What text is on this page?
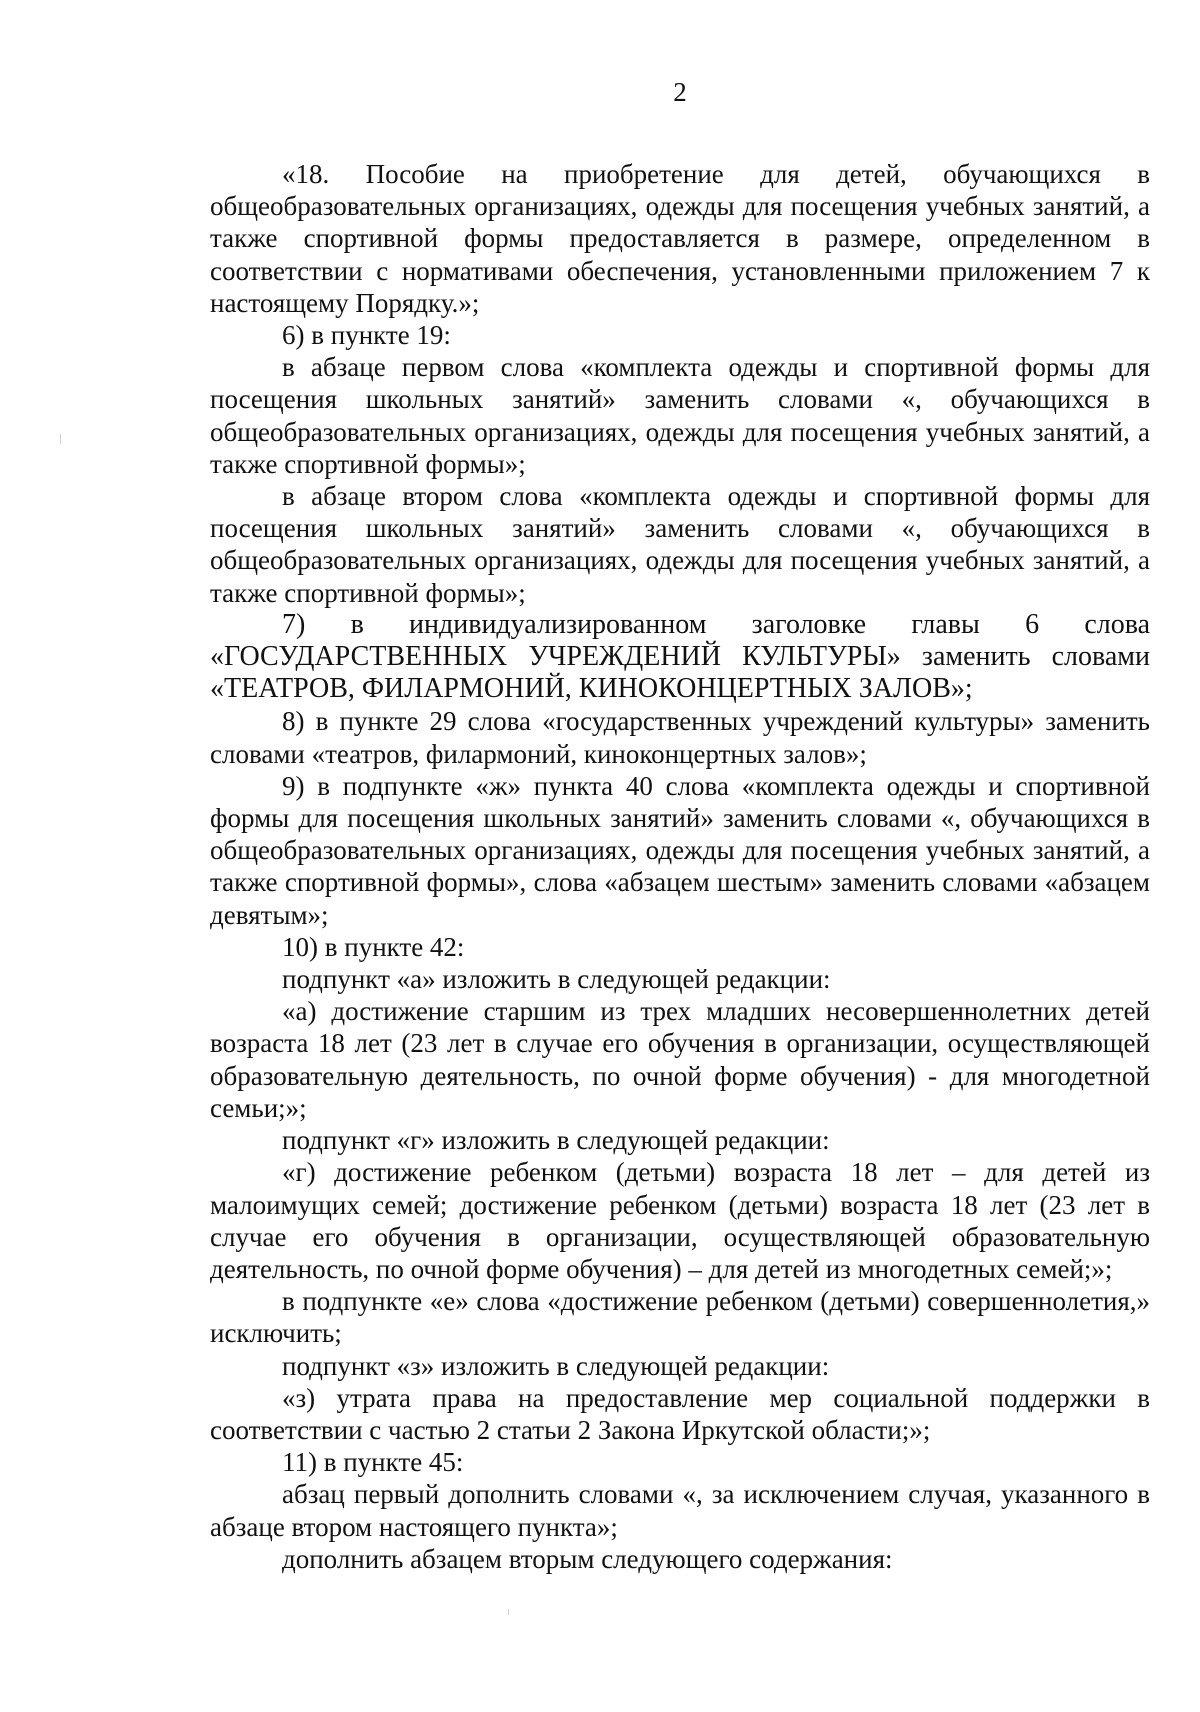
2

«18. Пособие на приобретение для детей, обучающихся в общеобразовательных организациях, одежды для посещения учебных занятий, а также спортивной формы предоставляется в размере, определенном в соответствии с нормативами обеспечения, установленными приложением 7 к настоящему Порядку.»;

6) в пункте 19:

в абзаце первом слова «комплекта одежды и спортивной формы для посещения школьных занятий» заменить словами «, обучающихся в общеобразовательных организациях, одежды для посещения учебных занятий, а также спортивной формы»;

в абзаце втором слова «комплекта одежды и спортивной формы для посещения школьных занятий» заменить словами «, обучающихся в общеобразовательных организациях, одежды для посещения учебных занятий, а также спортивной формы»;

7) в индивидуализированном заголовке главы 6 слова «ГОСУДАРСТВЕННЫХ УЧРЕЖДЕНИЙ КУЛЬТУРЫ» заменить словами «ТЕАТРОВ, ФИЛАРМОНИЙ, КИНОКОНЦЕРТНЫХ ЗАЛОВ»;

8) в пункте 29 слова «государственных учреждений культуры» заменить словами «театров, филармоний, киноконцертных залов»;

9) в подпункте «ж» пункта 40 слова «комплекта одежды и спортивной формы для посещения школьных занятий» заменить словами «, обучающихся в общеобразовательных организациях, одежды для посещения учебных занятий, а также спортивной формы», слова «абзацем шестым» заменить словами «абзацем девятым»;

10) в пункте 42:

подпункт «а» изложить в следующей редакции:

«а) достижение старшим из трех младших несовершеннолетних детей возраста 18 лет (23 лет в случае его обучения в организации, осуществляющей образовательную деятельность, по очной форме обучения) - для многодетной семьи;»;

подпункт «г» изложить в следующей редакции:

«г) достижение ребенком (детьми) возраста 18 лет – для детей из малоимущих семей; достижение ребенком (детьми) возраста 18 лет (23 лет в случае его обучения в организации, осуществляющей образовательную деятельность, по очной форме обучения) – для детей из многодетных семей;»;

в подпункте «е» слова «достижение ребенком (детьми) совершеннолетия,» исключить;

подпункт «з» изложить в следующей редакции:

«з) утрата права на предоставление мер социальной поддержки в соответствии с частью 2 статьи 2 Закона Иркутской области;»;

11) в пункте 45:

абзац первый дополнить словами «, за исключением случая, указанного в абзаце втором настоящего пункта»;

дополнить абзацем вторым следующего содержания:
